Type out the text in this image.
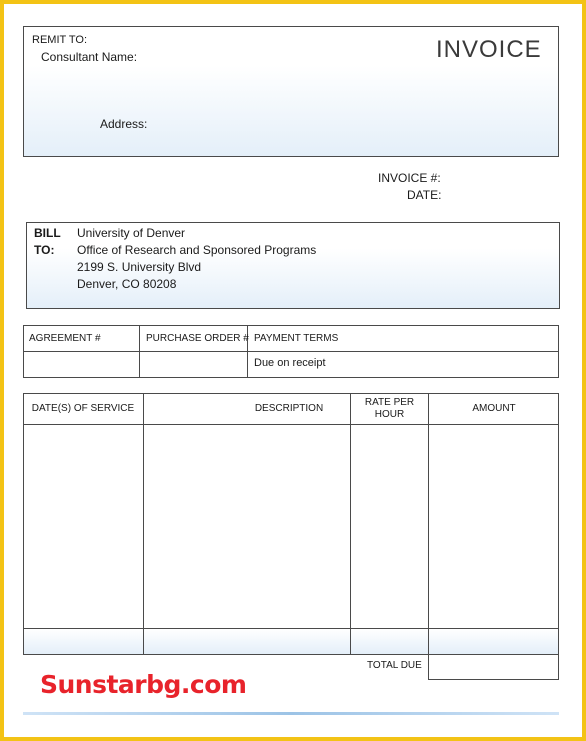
REMIT TO:
Consultant Name:
Address:
INVOICE
INVOICE #:
DATE:
BILL
TO:
University of Denver
Office of Research and Sponsored Programs
2199 S. University Blvd
Denver, CO 80208
AGREEMENT #	PURCHASE ORDER # PAYMENT TERMS
Due on receipt
DATE(S) OF SERVICE	DESCRIPTION
RATE PER
HOUR
AMOUNT
TOTAL DUE
Sunstarbg.com
